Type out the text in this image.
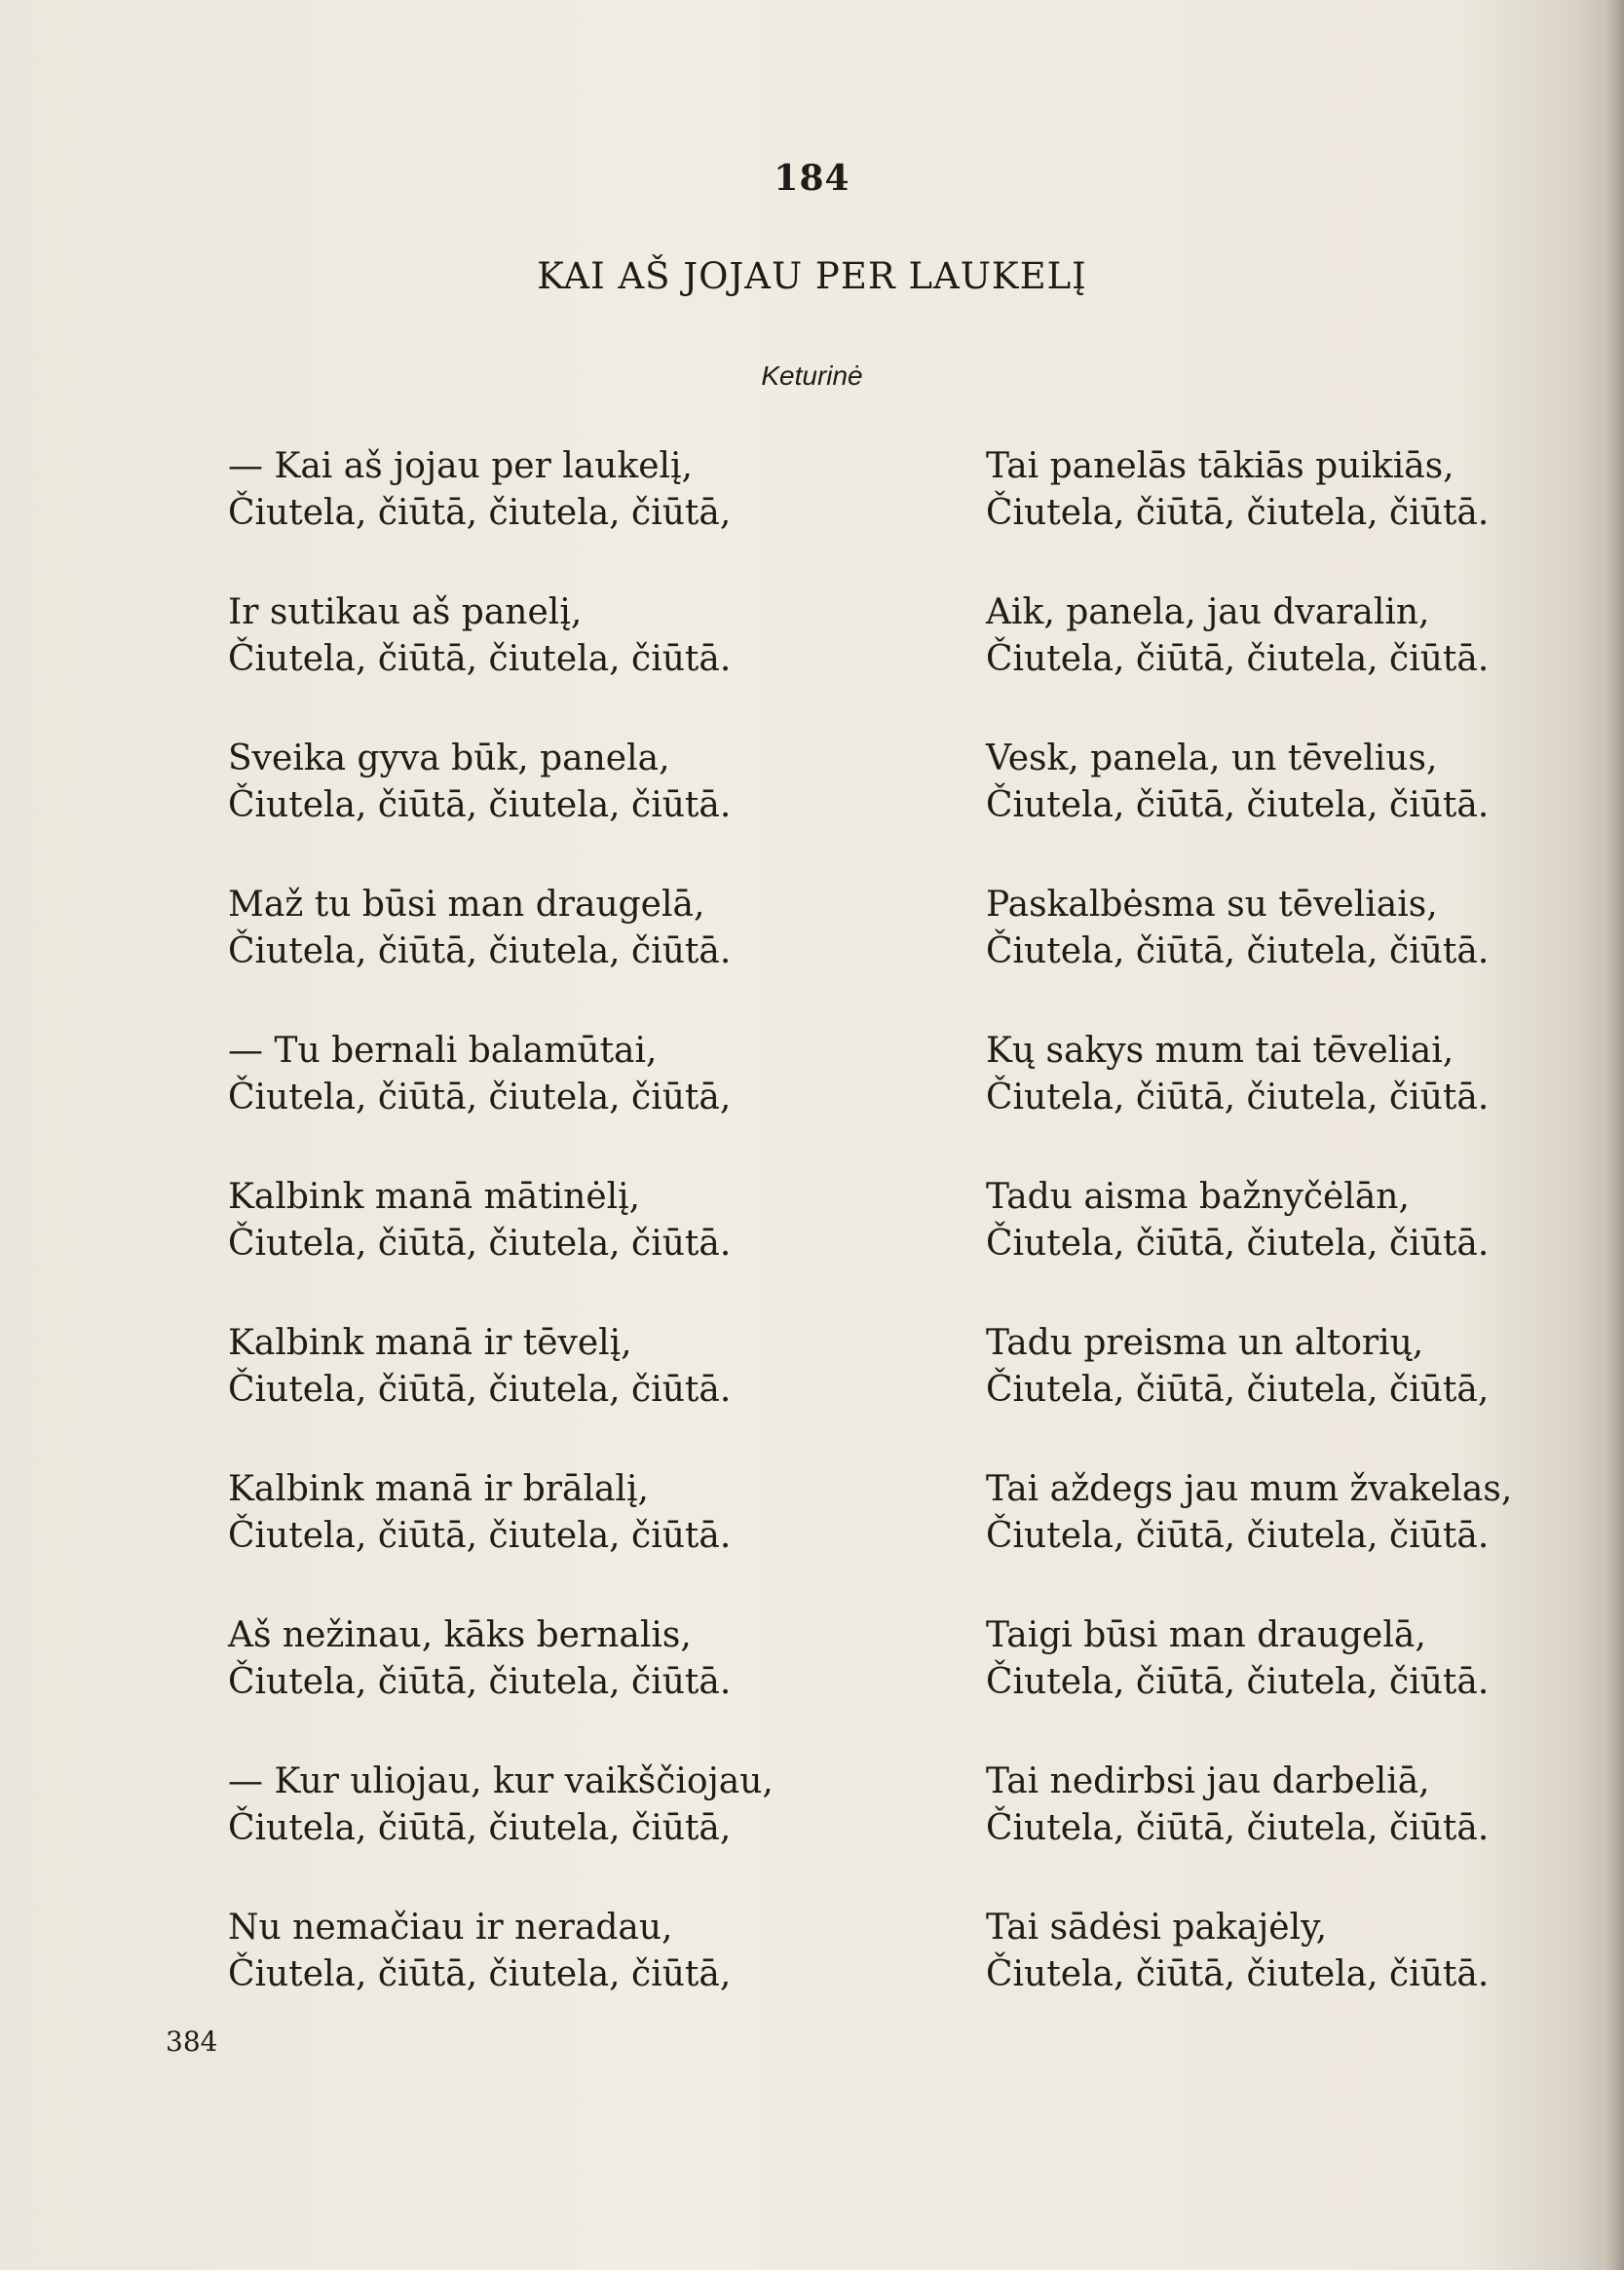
184
KAI AŠ JOJAU PER LAUKELĮ
Keturinė
— Kai aš jojau per laukelį,
Čiutela, čiūtā, čiutela, čiūtā,
Ir sutikau aš panelį,
Čiutela, čiūtā, čiutela, čiūtā.
Sveika gyva būk, panela,
Čiutela, čiūtā, čiutela, čiūtā.
Maž tu būsi man draugelā,
Čiutela, čiūtā, čiutela, čiūtā.
— Tu bernali balamūtai,
Čiutela, čiūtā, čiutela, čiūtā,
Kalbink manā mātinėlį,
Čiutela, čiūtā, čiutela, čiūtā.
Kalbink manā ir tēvelį,
Čiutela, čiūtā, čiutela, čiūtā.
Kalbink manā ir brālalį,
Čiutela, čiūtā, čiutela, čiūtā.
Aš nežinau, kāks bernalis,
Čiutela, čiūtā, čiutela, čiūtā.
— Kur uliojau, kur vaikščiojau,
Čiutela, čiūtā, čiutela, čiūtā,
Nu nemačiau ir neradau,
Čiutela, čiūtā, čiutela, čiūtā,
Tai panelās tākiās puikiās,
Čiutela, čiūtā, čiutela, čiūtā.
Aik, panela, jau dvaralin,
Čiutela, čiūtā, čiutela, čiūtā.
Vesk, panela, un tēvelius,
Čiutela, čiūtā, čiutela, čiūtā.
Paskalbėsma su tēveliais,
Čiutela, čiūtā, čiutela, čiūtā.
Kų sakys mum tai tēveliai,
Čiutela, čiūtā, čiutela, čiūtā.
Tadu aisma bažnyčėlān,
Čiutela, čiūtā, čiutela, čiūtā.
Tadu preisma un altorių,
Čiutela, čiūtā, čiutela, čiūtā,
Tai aždegs jau mum žvakelas,
Čiutela, čiūtā, čiutela, čiūtā.
Taigi būsi man draugelā,
Čiutela, čiūtā, čiutela, čiūtā.
Tai nedirbsi jau darbeliā,
Čiutela, čiūtā, čiutela, čiūtā.
Tai sādėsi pakajėly,
Čiutela, čiūtā, čiutela, čiūtā.
384
